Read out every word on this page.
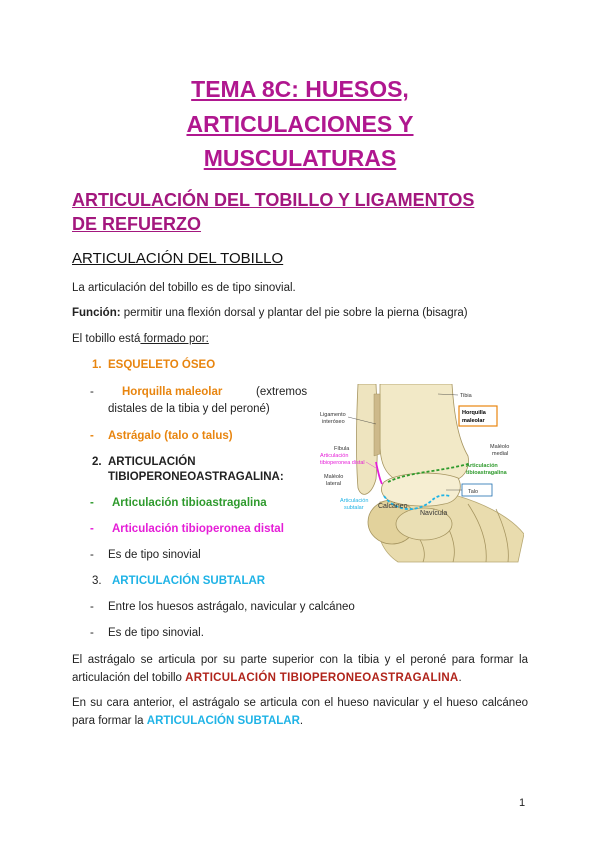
TEMA 8C: HUESOS,
ARTICULACIONES Y
MUSCULATURAS
ARTICULACIÓN DEL TOBILLO Y LIGAMENTOS
DE REFUERZO
ARTICULACIÓN DEL TOBILLO
La articulación del tobillo es de tipo sinovial.
Función: permitir una flexión dorsal y plantar del pie sobre la pierna (bisagra)
El tobillo está formado por:
1. ESQUELETO ÓSEO
- Horquilla maleolar	(extremos
distales de la tibia y del peroné)
- Astrágalo (talo o talus)
2. ARTICULACIÓN
TIBIOPERONEOASTRAGALINA:
- Articulación tibioastragalina
- Articulación tibioperonea distal
- Es de tipo sinovial
3. ARTICULACIÓN SUBTALAR
- Entre los huesos astrágalo, navicular y calcáneo
- Es de tipo sinovial.
Horquilla
maleolar
Tibia
Ligamento
interóseo
Fíbula
Articulación
tibioperonea distal
Maléolo
lateral
Articulación
subtalar
Maléolo
medial
Articulación
tibioastragalina
Talo
Calcáneo
Navícula
El astrágalo se articula por su parte superior con la tibia y el peroné para formar la articulación del tobillo ARTICULACIÓN TIBIOPERONEOASTRAGALINA.
En su cara anterior, el astrágalo se articula con el hueso navicular y el hueso calcáneo para formar la ARTICULACIÓN SUBTALAR.
1
